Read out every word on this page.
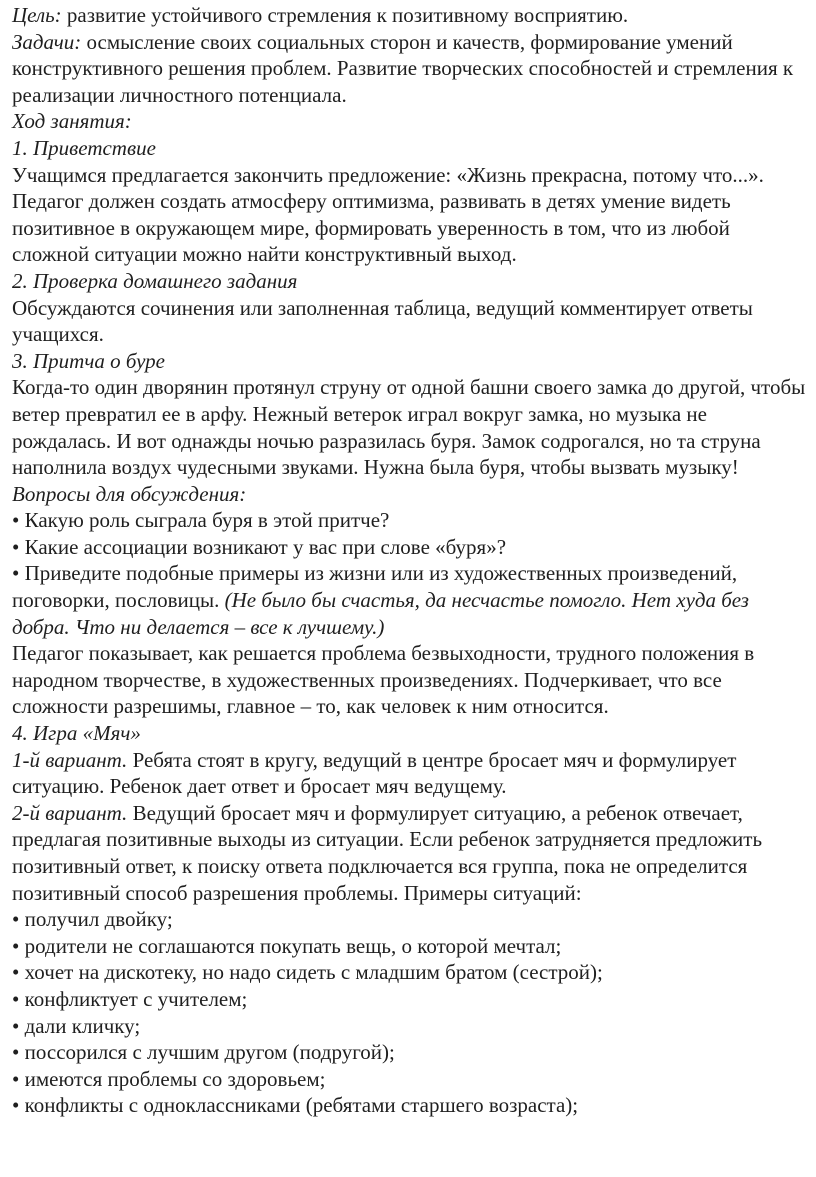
Цель: развитие устойчивого стремления к позитивному восприятию.

Задачи: осмысление своих социальных сторон и качеств, формирование умений конструктивного решения проблем. Развитие творческих способностей и стремления к реализации личностного потенциала.

Ход занятия:

1. Приветствие

Учащимся предлагается закончить предложение: «Жизнь прекрасна, потому что...».

Педагог должен создать атмосферу оптимизма, развивать в детях умение видеть позитивное в окружающем мире, формировать уверенность в том, что из любой сложной ситуации можно найти конструктивный выход.

2. Проверка домашнего задания

Обсуждаются сочинения или заполненная таблица, ведущий комментирует ответы учащихся.

3. Притча о буре

Когда-то один дворянин протянул струну от одной башни своего замка до другой, чтобы ветер превратил ее в арфу. Нежный ветерок играл вокруг замка, но музыка не рождалась. И вот однажды ночью разразилась буря. Замок содрогался, но та струна наполнила воздух чудесными звуками. Нужна была буря, чтобы вызвать музыку!

Вопросы для обсуждения:

• Какую роль сыграла буря в этой притче?

• Какие ассоциации возникают у вас при слове «буря»?

• Приведите подобные примеры из жизни или из художественных произведений, поговорки, пословицы. (Не было бы счастья, да несчастье помогло. Нет худа без добра. Что ни делается – все к лучшему.)

Педагог показывает, как решается проблема безвыходности, трудного положения в народном творчестве, в художественных произведениях. Подчеркивает, что все сложности разрешимы, главное – то, как человек к ним относится.

4. Игра «Мяч»

1-й вариант. Ребята стоят в кругу, ведущий в центре бросает мяч и формулирует ситуацию. Ребенок дает ответ и бросает мяч ведущему.

2-й вариант. Ведущий бросает мяч и формулирует ситуацию, а ребенок отвечает, предлагая позитивные выходы из ситуации. Если ребенок затрудняется предложить позитивный ответ, к поиску ответа подключается вся группа, пока не определится позитивный способ разрешения проблемы. Примеры ситуаций:

• получил двойку;

• родители не соглашаются покупать вещь, о которой мечтал;

• хочет на дискотеку, но надо сидеть с младшим братом (сестрой);

• конфликтует с учителем;

• дали кличку;

• поссорился с лучшим другом (подругой);

• имеются проблемы со здоровьем;

• конфликты с одноклассниками (ребятами старшего возраста);
